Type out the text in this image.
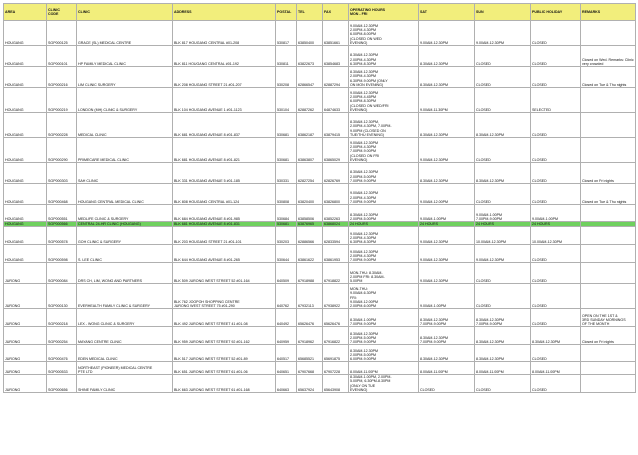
AREA	CLINIC
CODE	CLINIC	ADDRESS	POSTAL	TEL	FAX	OPERATING HOURS
MON - FRI	SAT	SUN	PUBLIC HOLIDAY	REMARKS
HOUGANG	SGP000125	GRACE (SL) MEDICAL CENTRE	BLK 817 HOUGANG CENTRAL #01-208	530817	63850400	63851661	9.00AM-12.30PM
2.00PM-4.30PM
6.00PM-8.00PM
(CLOSED ON WED
EVENING)	9.00AM-12.30PM	9.00AM-12.30PM	CLOSED	
HOUGANG	SGP000101	HP FAMILY MEDICAL CLINIC	BLK 811 HOUGANG CENTRAL #01-192	530811	63822673	63854683	8.30AM-12.30PM
2.00PM-4.30PM
6.30PM-8.30PM	8.30AM-12.30PM	CLOSED	CLOSED	Closed on Wed. Remarks: Clinic very crowded
HOUGANG	SGP000216	LIM CLINIC SURGERY	BLK 208 HOUGANG STREET 21 #01-207	530208	62866547	62887294	8.30AM-12.30PM
2.00PM-4.30PM
6.30PM-9.00PM (ONLY
ON MON EVENING)	8.30AM-12.30PM	CLOSED	CLOSED	Closed on Tue & Thu nights
HOUGANG	SGP000219	LONDON (MH) CLINIC & SURGERY	BLK 104 HOUGANG AVENUE 1 #01-1123	530104	62887262	64874633	9.00AM-12.30PM
2.00PM-4.45PM
6.00PM-8.30PM
(CLOSED ON WED/FRI
EVENING)	9.00AM-11.30PM	CLOSED	SELECTED	
HOUGANG	SGP000228	MEDICAL CLINIC	BLK 681 HOUGANG AVENUE 8 #01-837	530681	63862187	63879415	8.30AM-12.30PM,
2.00PM-4.30PM, 7.00PM-
9.00PM (CLOSED ON
TUE/THU EVENING)	8.30AM-12.30PM	8.30AM-12.30PM	CLOSED	
HOUGANG	SGP000290	PRIMECARE MEDICAL CLINIC	BLK 681 HOUGANG AVENUE 8 #01-821	530681	63863807	63865029	9.00AM-12.30PM
2.00PM-4.30PM
7.00PM-9.00PM
(CLOSED ON FRI
EVENING)	9.00AM-12.30PM	CLOSED	CLOSED	
HOUGANG	SGP000303	SAH CLINIC	BLK 331 HOUGANG AVENUE 5 #01-185	530331	62827254	62826769	8.30AM-12.30PM
2.00PM-5.00PM
7.00PM-9.00PM	8.30AM-12.30PM	8.30AM-12.30PM	CLOSED	Closed on Fri nights
HOUGANG	SGP000468	HOUGANG CENTRAL MEDICAL CLINIC	BLK 808 HOUGANG CENTRAL #01-124	530808	63820400	63826800	9.00AM-12.30PM
2.00PM-4.30PM
7.00PM-9.00PM	9.00AM-12.00PM	CLOSED	CLOSED	Closed on Tue & Thu nights
HOUGANG	SGP000551	MEDLIFE CLINIC & SURGERY	BLK 684 HOUGANG AVENUE 8 #01-985	530684	63858506	63852263	8.30AM-12.30PM
2.00PM-5.00PM	9.00AM-1.00PM	9.00AM-1.00PM
7.00PM-9.00PM	9.00AM-1.00PM	
HOUGANG	SGP000566	CENTRAL 24-HR CLINIC (HOUGANG)	BLK 681 HOUGANG AVENUE 8 #01-831	530681	63876965	63868024	24 HOURS	24 HOURS	24 HOURS	24 HOURS	
HOUGANG	SGP000578	GOH CLINIC & SURGERY	BLK 203 HOUGANG STREET 21 #01-101	530203	62886566	62833594	9.00AM-12.30PM
2.00PM-4.30PM
6.30PM-8.30PM	9.00AM-12.30PM	10.00AM-12.30PM	10.00AM-12.30PM	
HOUGANG	SGP000598	S. LEE CLINIC	BLK 644 HOUGANG AVENUE 8 #01-265	530644	63861622	63861953	9.00AM-12.30PM
2.00PM-4.30PM
7.00PM-9.00PM	9.00AM-12.30PM	9.00AM-12.30PM	CLOSED	
JURONG	SGP000084	DRS CH, LIM, WONG AND PARTNERS	BLK 509 JURONG WEST STREET 52 #01-164	640509	67918988	67918822	MON-THU: 8.30AM-
2.00PM FRI: 8.30AM-
5.00PM	9.00AM-12.30PM	CLOSED	CLOSED	
JURONG	SGP000130	EVERHEALTH FAMILY CLINIC & SURGERY	BLK 762 JOOPOH SHOPPING CENTRE
JURONG WEST STREET 75 #01-290	640762	67932113	67938922	MON-THU:
9.00AM-6.30PM
FRI:
9.00AM-12.00PM
2.00PM-6.00PM	9.00AM-1.00PM	CLOSED	CLOSED	
JURONG	SGP000218	LEX - WONG CLINIC & SURGERY	BLK 492 JURONG WEST STREET 41 #01-08	640492	65626476	65626476	8.30AM-1.00PM
7.00PM-9.00PM	8.30AM-12.30PM
7.00PM-9.00PM	8.30AM-12.30PM
7.00PM-9.00PM	CLOSED	OPEN ON THE 1ST &
3RD SUNDAY MORNINGS
OF THE MONTH
JURONG	SGP000254	MAYANG CENTRE CLINIC	BLK 959 JURONG WEST STREET 92 #01-162	640959	67918962	67916822	8.30AM-12.30PM
2.00PM-5.00PM
7.00PM-9.00PM	8.30AM-12.30PM
7.00PM-9.00PM	8.30AM-12.30PM	8.30AM-12.30PM	Closed on Fri nights
JURONG	SGP000476	EDEN MEDICAL CLINIC	BLK 517 JURONG WEST STREET 52 #01-89	640517	65685521	65691875	8.30AM-12.30PM
2.00PM-5.00PM
6.00PM-9.00PM	8.30AM-12.30PM	8.30AM-12.30PM	CLOSED	
JURONG	SGP000533	NORTHEAST (PIONEER) MEDICAL CENTRE
PTE LTD	BLK 651 JURONG WEST STREET 61 #01-06	640651	67907668	67907228	8.00AM-11.00PM	8.00AM-11.00PM	8.00AM-11.00PM	8.00AM-11.00PM	
JURONG	SGP000656	SHINE FAMILY CLINIC	BLK 663 JURONG WEST STREET 61 #01-168	640663	65637924	65643908	8.30AM-1.00PM, 2.00PM-
5.00PM, 6.30PM-8.30PM
(ONLY ON TUE
EVENING)	CLOSED	CLOSED	CLOSED	
